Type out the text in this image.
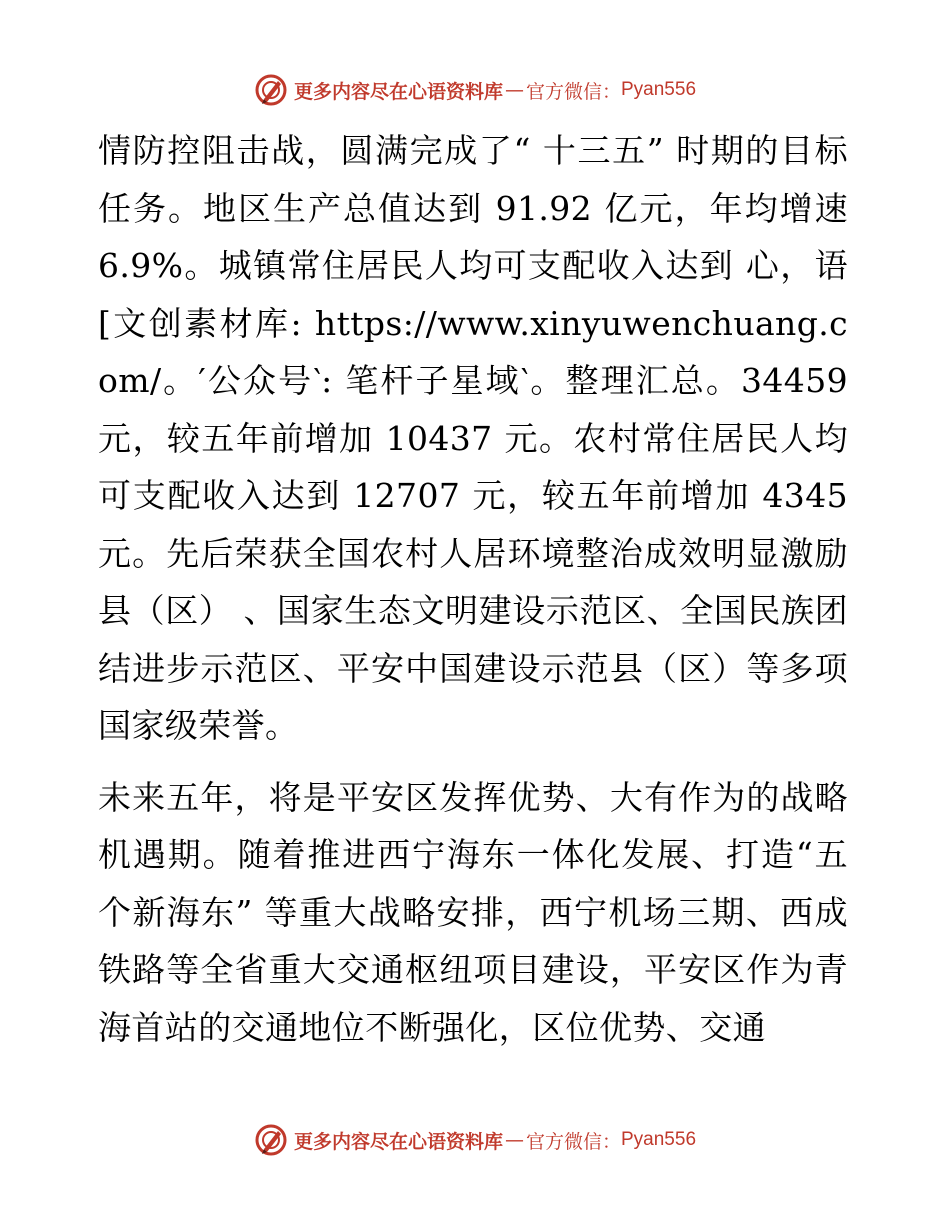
更多内容尽在心语资料库 — 官方微信： Pyan556

情防控阻击战，圆满完成了“ 十三五” 时期的目标任务。地区生产总值达到 91.92 亿元，年均增速 6.9%。城镇常住居民人均可支配收入达到 心，语[文创素材库: https://www.xinyuwenchuang.com/。′公众号‵: 笔杆子星域‵。整理汇总。34459 元，较五年前增加 10437 元。农村常住居民人均可支配收入达到 12707 元，较五年前增加 4345 元。先后荣获全国农村人居环境整治成效明显激励县（区） 、国家生态文明建设示范区、全国民族团结进步示范区、平安中国建设示范县（区）等多项国家级荣誉。

未来五年，将是平安区发挥优势、大有作为的战略机遇期。随着推进西宁海东一体化发展、打造“五个新海东” 等重大战略安排，西宁机场三期、西成铁路等全省重大交通枢纽项目建设，平安区作为青海首站的交通地位不断强化，区位优势、交通

更多内容尽在心语资料库 — 官方微信： Pyan556
